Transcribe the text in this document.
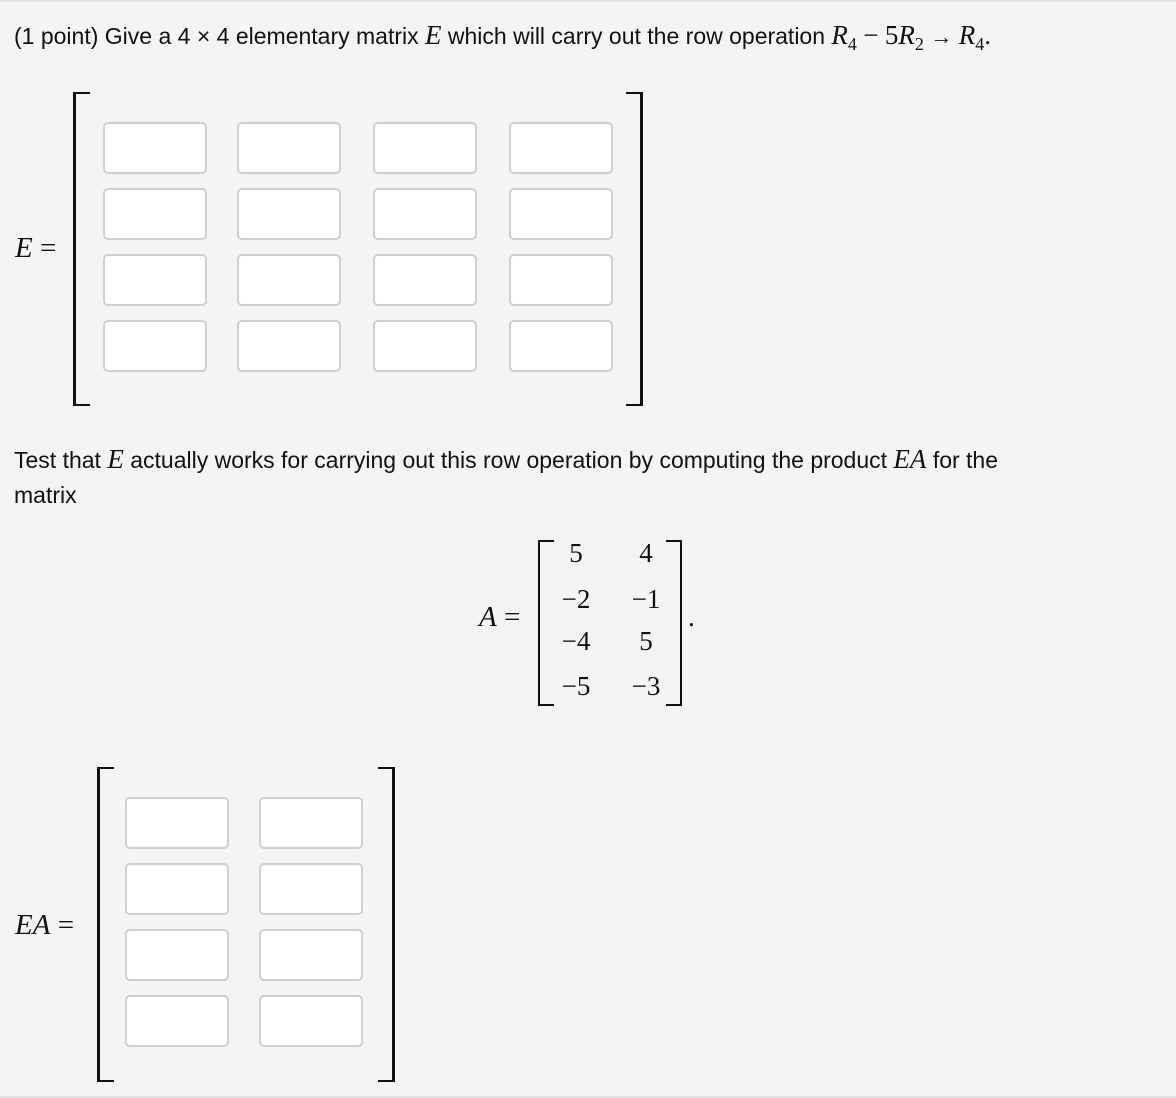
(1 point) Give a 4 × 4 elementary matrix E which will carry out the row operation $R_4 - 5R_2 \to R_4$.
E =
Test that E actually works for carrying out this row operation by computing the product EA for the
matrix
A =
5	4
−2	−1
−4	5
−5	−3
.
EA =
